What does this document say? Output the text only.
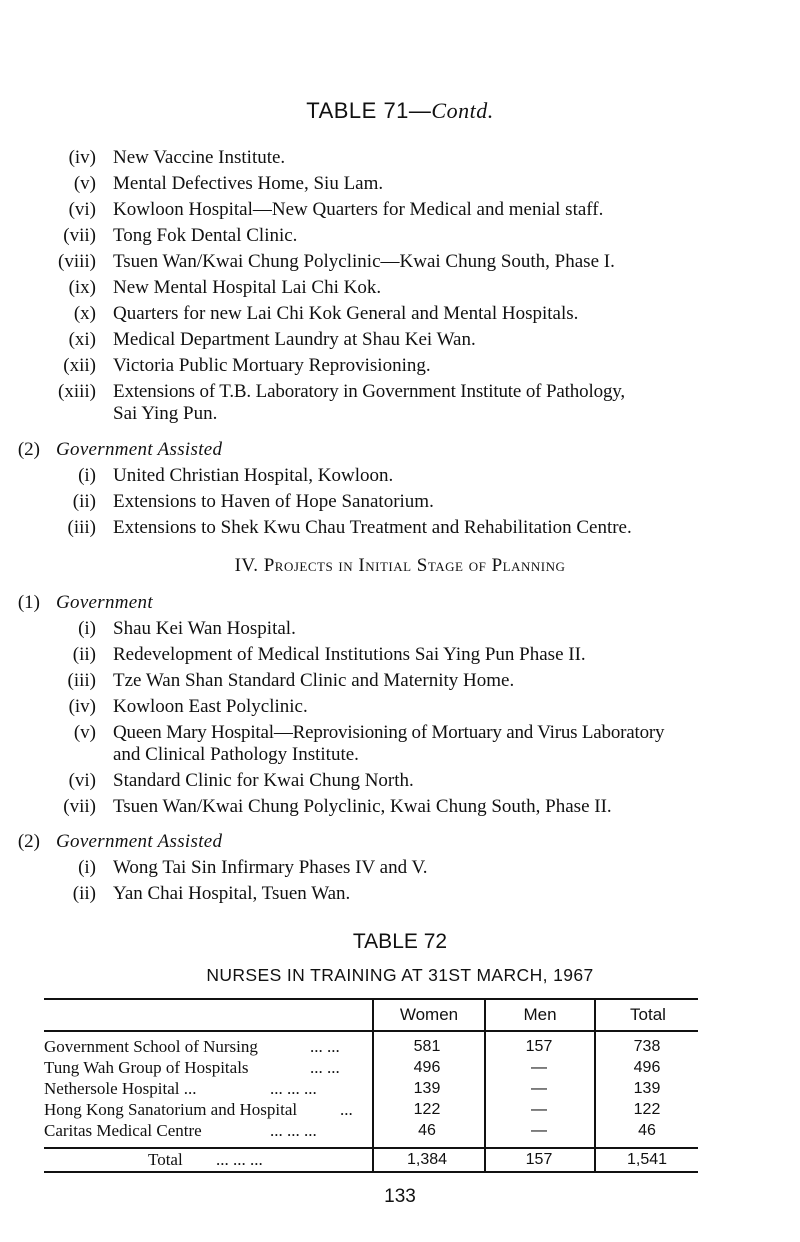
TABLE 71—Contd.
(iv) New Vaccine Institute.
(v) Mental Defectives Home, Siu Lam.
(vi) Kowloon Hospital—New Quarters for Medical and menial staff.
(vii) Tong Fok Dental Clinic.
(viii) Tsuen Wan/Kwai Chung Polyclinic—Kwai Chung South, Phase I.
(ix) New Mental Hospital Lai Chi Kok.
(x) Quarters for new Lai Chi Kok General and Mental Hospitals.
(xi) Medical Department Laundry at Shau Kei Wan.
(xii) Victoria Public Mortuary Reprovisioning.
(xiii) Extensions of T.B. Laboratory in Government Institute of Pathology,
Sai Ying Pun.
(2) Government Assisted
(i) United Christian Hospital, Kowloon.
(ii) Extensions to Haven of Hope Sanatorium.
(iii) Extensions to Shek Kwu Chau Treatment and Rehabilitation Centre.
IV. Projects in Initial Stage of Planning
(1) Government
(i) Shau Kei Wan Hospital.
(ii) Redevelopment of Medical Institutions Sai Ying Pun Phase II.
(iii) Tze Wan Shan Standard Clinic and Maternity Home.
(iv) Kowloon East Polyclinic.
(v) Queen Mary Hospital—Reprovisioning of Mortuary and Virus Laboratory
and Clinical Pathology Institute.
(vi) Standard Clinic for Kwai Chung North.
(vii) Tsuen Wan/Kwai Chung Polyclinic, Kwai Chung South, Phase II.
(2) Government Assisted
(i) Wong Tai Sin Infirmary Phases IV and V.
(ii) Yan Chai Hospital, Tsuen Wan.
TABLE 72
NURSES IN TRAINING AT 31ST MARCH, 1967
Women	Men	Total
Government School of Nursing	... ...	581	157	738
Tung Wah Group of Hospitals	... ...	496	—	496
Nethersole Hospital ...	... ... ...	139	—	139
Hong Kong Sanatorium and Hospital	...	122	—	122
Caritas Medical Centre	... ... ...	46	—	46
Total ... ... ...	1,384	157	1,541
133
